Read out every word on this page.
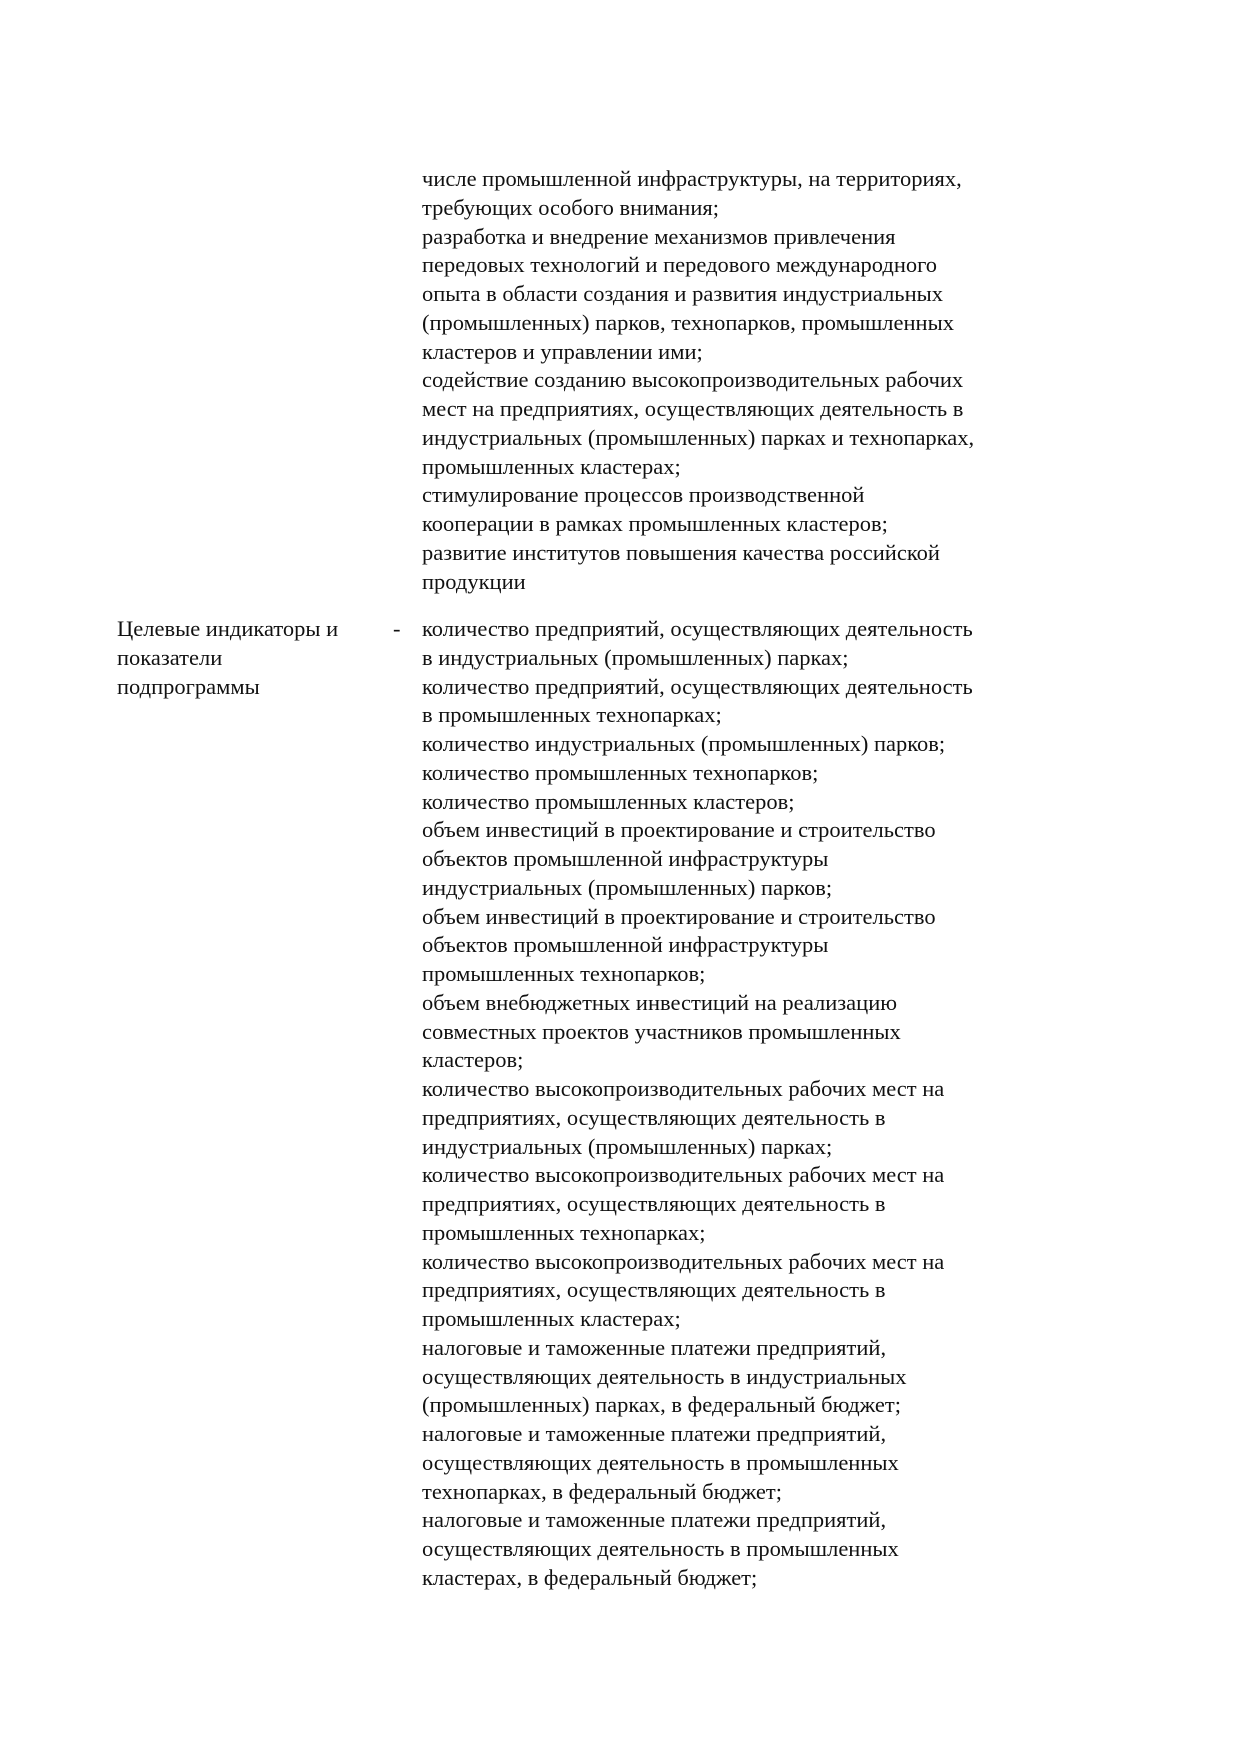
числе промышленной инфраструктуры, на территориях,
требующих особого внимания;
разработка и внедрение механизмов привлечения
передовых технологий и передового международного
опыта в области создания и развития индустриальных
(промышленных) парков, технопарков, промышленных
кластеров и управлении ими;
содействие созданию высокопроизводительных рабочих
мест на предприятиях, осуществляющих деятельность в
индустриальных (промышленных) парках и технопарках,
промышленных кластерах;
стимулирование процессов производственной
кооперации в рамках промышленных кластеров;
развитие институтов повышения качества российской
продукции
Целевые индикаторы и
показатели
подпрограммы
- количество предприятий, осуществляющих деятельность
в индустриальных (промышленных) парках;
количество предприятий, осуществляющих деятельность
в промышленных технопарках;
количество индустриальных (промышленных) парков;
количество промышленных технопарков;
количество промышленных кластеров;
объем инвестиций в проектирование и строительство
объектов промышленной инфраструктуры
индустриальных (промышленных) парков;
объем инвестиций в проектирование и строительство
объектов промышленной инфраструктуры
промышленных технопарков;
объем внебюджетных инвестиций на реализацию
совместных проектов участников промышленных
кластеров;
количество высокопроизводительных рабочих мест на
предприятиях, осуществляющих деятельность в
индустриальных (промышленных) парках;
количество высокопроизводительных рабочих мест на
предприятиях, осуществляющих деятельность в
промышленных технопарках;
количество высокопроизводительных рабочих мест на
предприятиях, осуществляющих деятельность в
промышленных кластерах;
налоговые и таможенные платежи предприятий,
осуществляющих деятельность в индустриальных
(промышленных) парках, в федеральный бюджет;
налоговые и таможенные платежи предприятий,
осуществляющих деятельность в промышленных
технопарках, в федеральный бюджет;
налоговые и таможенные платежи предприятий,
осуществляющих деятельность в промышленных
кластерах, в федеральный бюджет;
